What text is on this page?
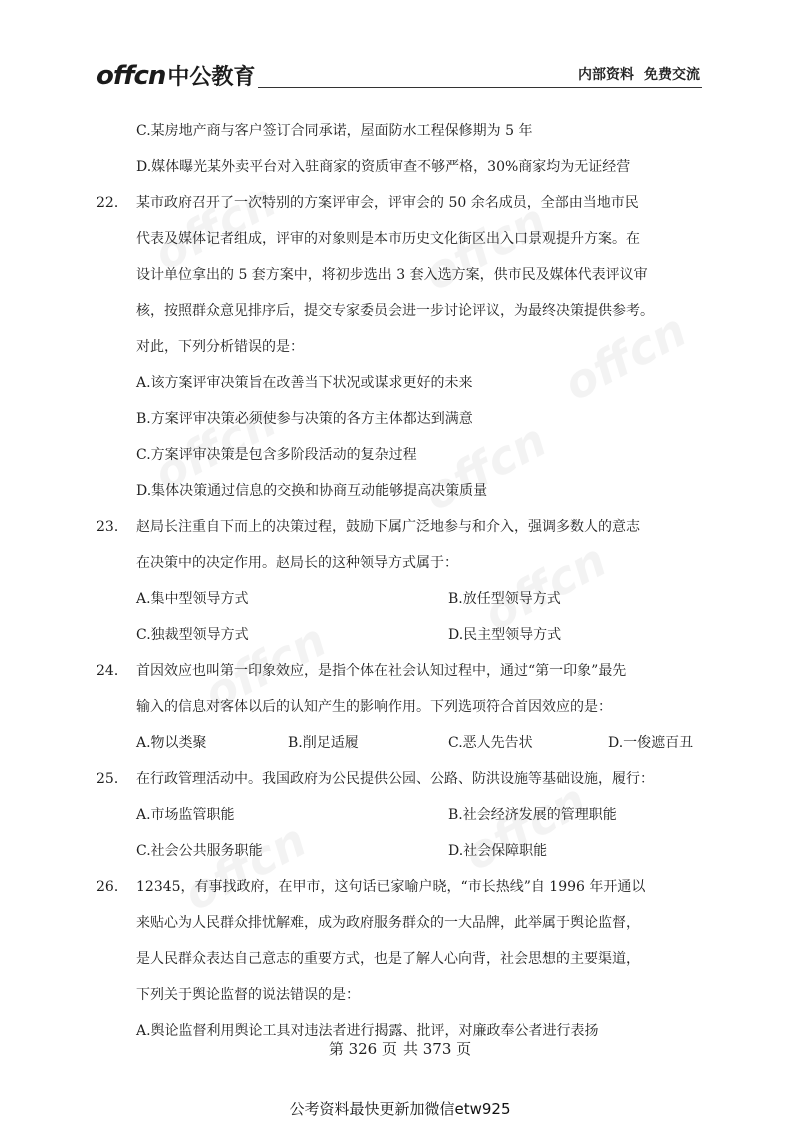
offcn中公教育	内部资料 免费交流
C.某房地产商与客户签订合同承诺，屋面防水工程保修期为 5 年
D.媒体曝光某外卖平台对入驻商家的资质审查不够严格，30%商家均为无证经营
22． 某市政府召开了一次特别的方案评审会，评审会的 50 余名成员，全部由当地市民
代表及媒体记者组成，评审的对象则是本市历史文化街区出入口景观提升方案。在
设计单位拿出的 5 套方案中，将初步选出 3 套入选方案，供市民及媒体代表评议审
核，按照群众意见排序后，提交专家委员会进一步讨论评议，为最终决策提供参考。
对此，下列分析错误的是：
A.该方案评审决策旨在改善当下状况或谋求更好的未来
B.方案评审决策必须使参与决策的各方主体都达到满意
C.方案评审决策是包含多阶段活动的复杂过程
D.集体决策通过信息的交换和协商互动能够提高决策质量
23． 赵局长注重自下而上的决策过程，鼓励下属广泛地参与和介入，强调多数人的意志
在决策中的决定作用。赵局长的这种领导方式属于：
A.集中型领导方式	B.放任型领导方式
C.独裁型领导方式	D.民主型领导方式
24． 首因效应也叫第一印象效应，是指个体在社会认知过程中，通过“第一印象”最先
输入的信息对客体以后的认知产生的影响作用。下列选项符合首因效应的是：
A.物以类聚	B.削足适履	C.恶人先告状	D.一俊遮百丑
25． 在行政管理活动中。我国政府为公民提供公园、公路、防洪设施等基础设施，履行：
A.市场监管职能	B.社会经济发展的管理职能
C.社会公共服务职能	D.社会保障职能
26． 12345，有事找政府，在甲市，这句话已家喻户晓，“市长热线”自 1996 年开通以
来贴心为人民群众排忧解难，成为政府服务群众的一大品牌，此举属于舆论监督，
是人民群众表达自己意志的重要方式，也是了解人心向背，社会思想的主要渠道，
下列关于舆论监督的说法错误的是：
A.舆论监督利用舆论工具对违法者进行揭露、批评，对廉政奉公者进行表扬
第 326 页 共 373 页
公考资料最快更新加微信etw925
